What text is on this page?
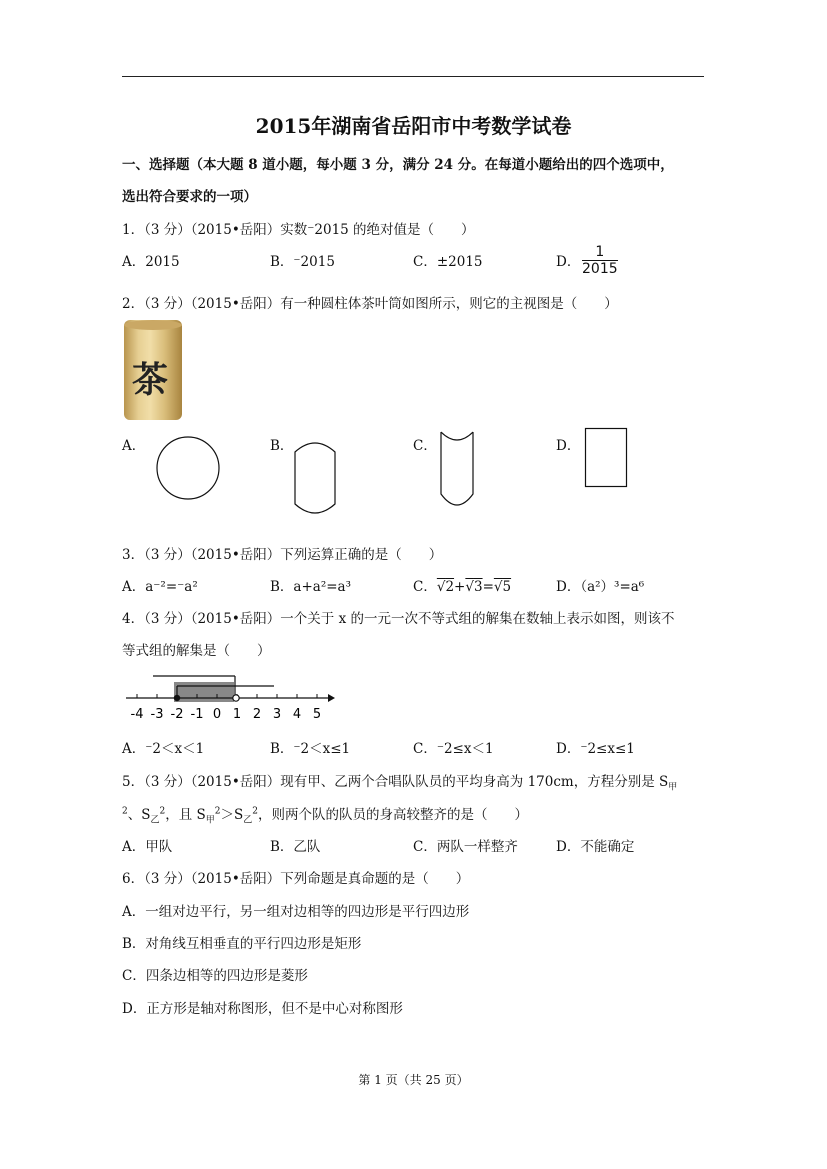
2015年湖南省岳阳市中考数学试卷
一、选择题（本大题 8 道小题，每小题 3 分，满分 24 分。在每道小题给出的四个选项中，
选出符合要求的一项）
1．（3 分）（2015•岳阳）实数⁻2015 的绝对值是（　　）
A．2015	B．⁻2015	C．±2015	D． $\frac{1}{2015}$
2．（3 分）（2015•岳阳）有一种圆柱体茶叶筒如图所示，则它的主视图是（　　）
茶
A．	B．	C．	D．
3．（3 分）（2015•岳阳）下列运算正确的是（　　）
A．a⁻²=⁻a²	B．a+a²=a³	C．√2+√3=√5	D．（a²）³=a⁶
4．（3 分）（2015•岳阳）一个关于 x 的一元一次不等式组的解集在数轴上表示如图，则该不
等式组的解集是（　　）
-4 -3 -2 -1 0 1 2 3 4 5
A．⁻2＜x＜1	B．⁻2＜x≤1	C．⁻2≤x＜1	D．⁻2≤x≤1
5．（3 分）（2015•岳阳）现有甲、乙两个合唱队队员的平均身高为 170cm，方程分别是 $S_甲$
$^2$、$S_乙^2$，且 $S_甲^2>S_乙^2$，则两个队的队员的身高较整齐的是（　　）
A．甲队	B．乙队	C．两队一样整齐	D．不能确定
6．（3 分）（2015•岳阳）下列命题是真命题的是（　　）
A．一组对边平行，另一组对边相等的四边形是平行四边形
B．对角线互相垂直的平行四边形是矩形
C．四条边相等的四边形是菱形
D．正方形是轴对称图形，但不是中心对称图形
第 1 页（共 25 页）
